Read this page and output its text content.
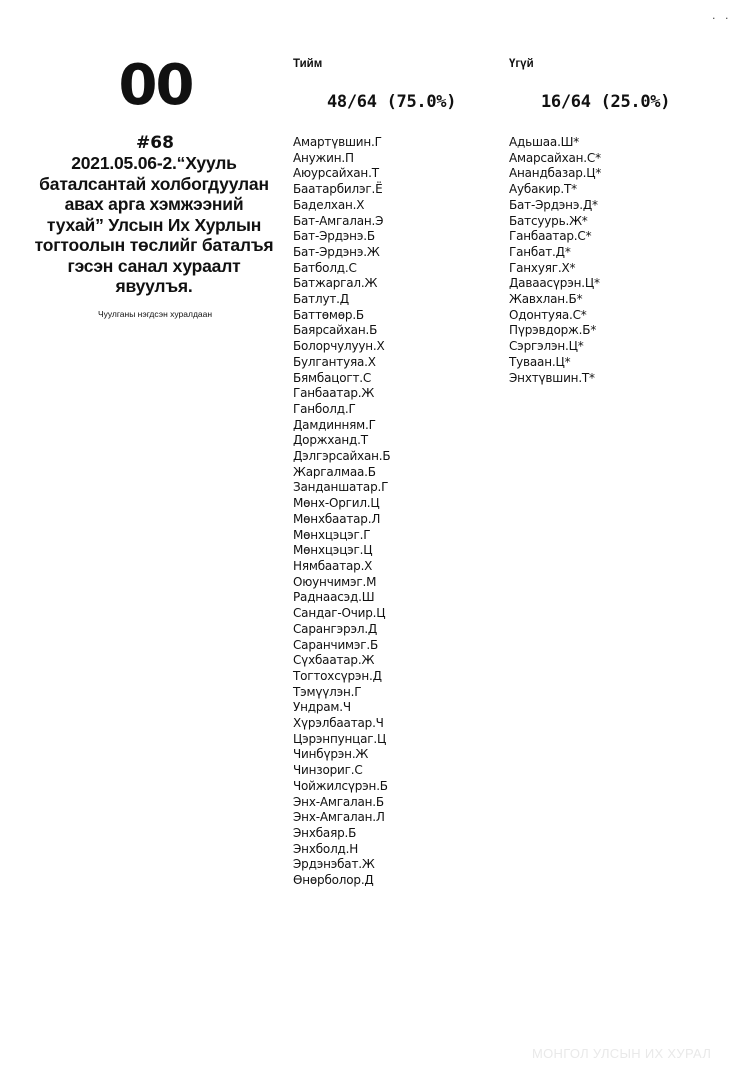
· ·
00
#68
2021.05.06-2.“Хууль
баталсантай холбогдуулан
авах арга хэмжээний
тухай” Улсын Их Хурлын
тогтоолын төслийг баталъя
гэсэн санал хураалт
явуулъя.
Чуулганы нэгдсэн хуралдаан
Тийм
48/64 (75.0%)
Амартүвшин.Г
Анужин.П
Аюурсайхан.Т
Баатарбилэг.Ё
Баделхан.Х
Бат-Амгалан.Э
Бат-Эрдэнэ.Б
Бат-Эрдэнэ.Ж
Батболд.С
Батжаргал.Ж
Батлут.Д
Баттөмөр.Б
Баярсайхан.Б
Болорчулуун.Х
Булгантуяа.Х
Бямбацогт.С
Ганбаатар.Ж
Ганболд.Г
Дамдинням.Г
Доржханд.Т
Дэлгэрсайхан.Б
Жаргалмаа.Б
Занданшатар.Г
Мөнх-Оргил.Ц
Мөнхбаатар.Л
Мөнхцэцэг.Г
Мөнхцэцэг.Ц
Нямбаатар.Х
Оюунчимэг.М
Раднаасэд.Ш
Сандаг-Очир.Ц
Сарангэрэл.Д
Саранчимэг.Б
Сүхбаатар.Ж
Тогтохсүрэн.Д
Тэмүүлэн.Г
Ундрам.Ч
Хүрэлбаатар.Ч
Цэрэнпунцаг.Ц
Чинбүрэн.Ж
Чинзориг.С
Чойжилсүрэн.Б
Энх-Амгалан.Б
Энх-Амгалан.Л
Энхбаяр.Б
Энхболд.Н
Эрдэнэбат.Ж
Өнөрболор.Д
Үгүй
16/64 (25.0%)
Адьшаа.Ш*
Амарсайхан.С*
Анандбазар.Ц*
Аубакир.Т*
Бат-Эрдэнэ.Д*
Батсуурь.Ж*
Ганбаатар.С*
Ганбат.Д*
Ганхуяг.Х*
Даваасүрэн.Ц*
Жавхлан.Б*
Одонтуяа.С*
Пүрэвдорж.Б*
Сэргэлэн.Ц*
Туваан.Ц*
Энхтүвшин.Т*
МОНГОЛ УЛСЫН ИХ ХУРАЛ
